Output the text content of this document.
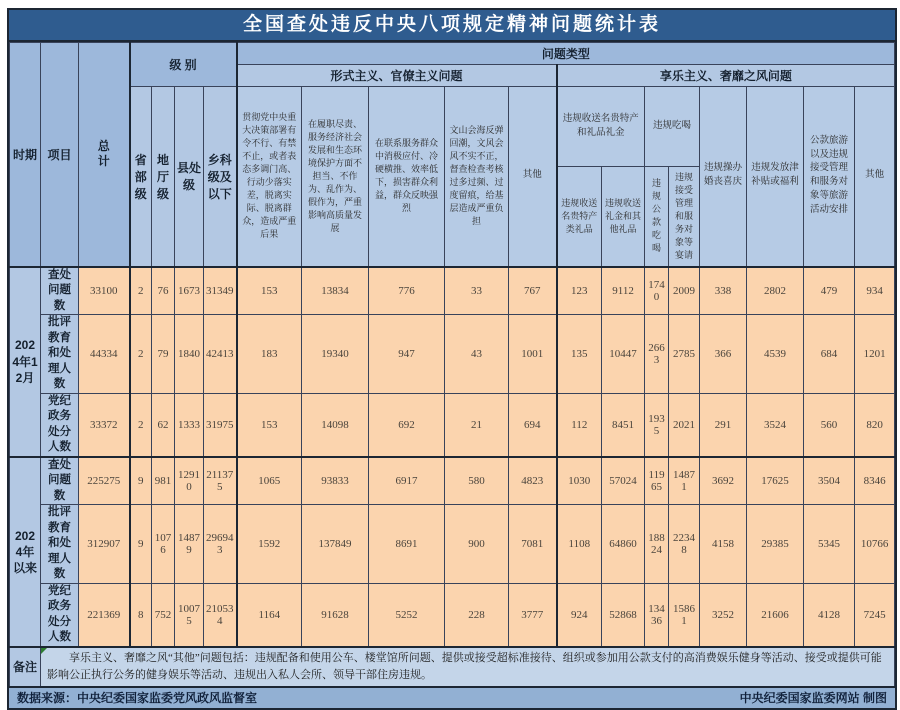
全国查处违反中央八项规定精神问题统计表
时期	项目	总计	级 别				问题类型												
							形式主义、官僚主义问题					享乐主义、奢靡之风问题							
			省部级	地厅级	县处级	乡科级及以下	贯彻党中央重大决策部署有令不行、有禁不止，或者表态多调门高、行动少落实差，脱离实际、脱离群众，造成严重后果	在履职尽责、服务经济社会发展和生态环境保护方面不担当、不作为、乱作为、假作为，严重影响高质量发展	在联系服务群众中消极应付、冷硬横推、效率低下，损害群众利益，群众反映强烈	文山会海反弹回潮，文风会风不实不正，督查检查考核过多过频、过度留痕，给基层造成严重负担	其他	违规收送名贵特产和礼品礼金		违规吃喝		违规操办婚丧喜庆	违规发放津补贴或福利	公款旅游以及违规接受管理和服务对象等旅游活动安排	其他
												违规收送名贵特产类礼品	违规收送礼金和其他礼品	违规公款吃喝	违规接受管理和服务对象等宴请				
2024年12月	查处问题数	33100	2	76	1673	31349	153	13834	776	33	767	123	9112	1740	2009	338	2802	479	934
	批评教育和处理人数	44334	2	79	1840	42413	183	19340	947	43	1001	135	10447	2663	2785	366	4539	684	1201
	党纪政务处分人数	33372	2	62	1333	31975	153	14098	692	21	694	112	8451	1935	2021	291	3524	560	820
2024年以来	查处问题数	225275	9	981	12910	211375	1065	93833	6917	580	4823	1030	57024	11965	14871	3692	17625	3504	8346
	批评教育和处理人数	312907	9	1076	14879	296943	1592	137849	8691	900	7081	1108	64860	18824	22348	4158	29385	5345	10766
	党纪政务处分人数	221369	8	752	10075	210534	1164	91628	5252	228	3777	924	52868	13436	15861	3252	21606	4128	7245
备注	享乐主义、奢靡之风“其他”问题包括：违规配备和使用公车、楼堂馆所问题、提供或接受超标准接待、组织或参加用公款支付的高消费娱乐健身等活动、接受或提供可能影响公正执行公务的健身娱乐等活动、违规出入私人会所、领导干部住房违规。																		
数据来源：中央纪委国家监委党风政风监督室	中央纪委国家监委网站 制图
